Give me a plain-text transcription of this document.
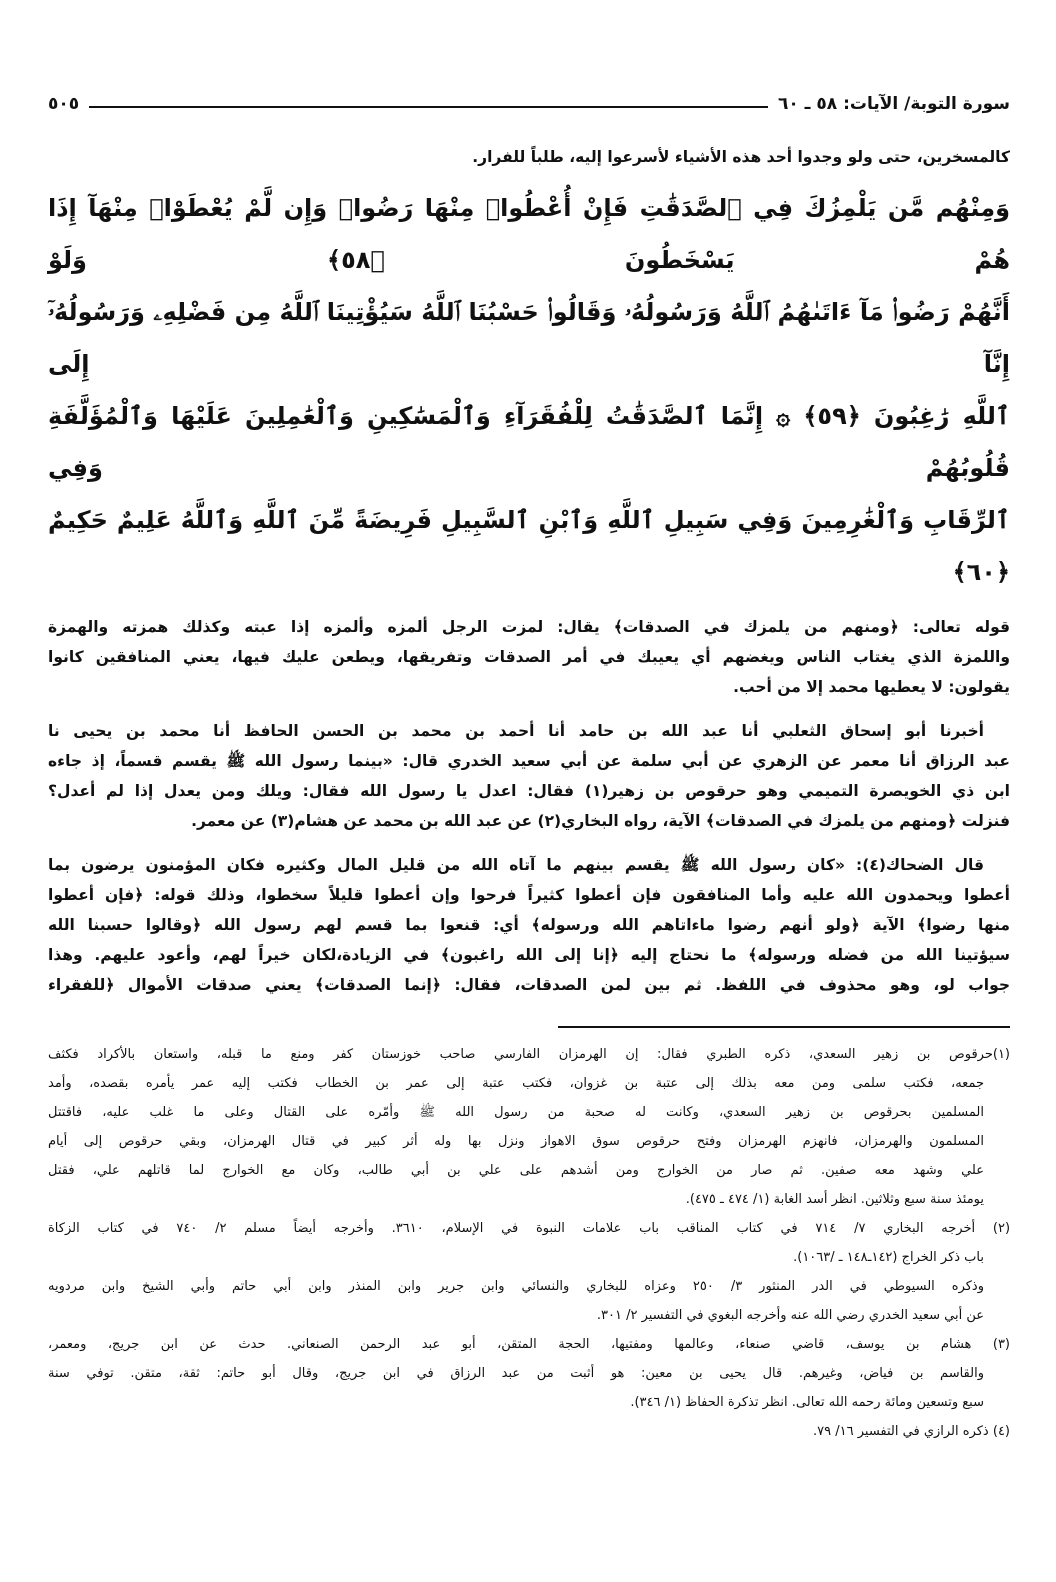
سورة التوبة/ الآيات: ٥٨ ـ ٦٠
٥٠٥
كالمسخرين، حتى ولو وجدوا أحد هذه الأشياء لأسرعوا إليه، طلباً للفرار.
وَمِنْهُم مَّن يَلْمِزُكَ فِي ٱلصَّدَقَٰتِ فَإِنْ أُعْطُوا۟ مِنْهَا رَضُوا۟ وَإِن لَّمْ يُعْطَوْا۟ مِنْهَآ إِذَا هُمْ يَسْخَطُونَ ﴿٥٨﴾ وَلَوْ
أَنَّهُمْ رَضُوا۟ مَآ ءَاتَىٰهُمُ ٱللَّهُ وَرَسُولُهُۥ وَقَالُوا۟ حَسْبُنَا ٱللَّهُ سَيُؤْتِينَا ٱللَّهُ مِن فَضْلِهِۦ وَرَسُولُهُۥٓ إِنَّآ إِلَى
ٱللَّهِ رَٰغِبُونَ ﴿٥٩﴾ ۞ إِنَّمَا ٱلصَّدَقَٰتُ لِلْفُقَرَآءِ وَٱلْمَسَٰكِينِ وَٱلْعَٰمِلِينَ عَلَيْهَا وَٱلْمُؤَلَّفَةِ قُلُوبُهُمْ وَفِي
ٱلرِّقَابِ وَٱلْغَٰرِمِينَ وَفِي سَبِيلِ ٱللَّهِ وَٱبْنِ ٱلسَّبِيلِ فَرِيضَةً مِّنَ ٱللَّهِ وَٱللَّهُ عَلِيمٌ حَكِيمٌ ﴿٦٠﴾
قوله تعالى: ﴿ومنهم من يلمزك في الصدقات﴾ يقال: لمزت الرجل ألمزه وألمزه إذا عبته وكذلك همزته والهمزة
واللمزة الذي يغتاب الناس ويغضهم أي يعيبك في أمر الصدقات وتفريقها، ويطعن عليك فيها، يعني المنافقين كانوا
يقولون: لا يعطيها محمد إلا من أحب.
أخبرنا أبو إسحاق الثعلبي أنا عبد الله بن حامد أنا أحمد بن محمد بن الحسن الحافظ أنا محمد بن يحيى نا
عبد الرزاق أنا معمر عن الزهري عن أبي سلمة عن أبي سعيد الخدري قال: «بينما رسول الله ﷺ يقسم قسماً، إذ جاءه
ابن ذي الخويصرة التميمي وهو حرقوص بن زهير(١) فقال: اعدل يا رسول الله فقال: ويلك ومن يعدل إذا لم أعدل؟
فنزلت ﴿ومنهم من يلمزك في الصدقات﴾ الآية، رواه البخاري(٢) عن عبد الله بن محمد عن هشام(٣) عن معمر.
قال الضحاك(٤): «كان رسول الله ﷺ يقسم بينهم ما آتاه الله من قليل المال وكثيره فكان المؤمنون يرضون بما
أعطوا ويحمدون الله عليه وأما المنافقون فإن أعطوا كثيراً فرحوا وإن أعطوا قليلاً سخطوا، وذلك قوله: ﴿فإن أعطوا
منها رضوا﴾ الآية ﴿ولو أنهم رضوا ماءاتاهم الله ورسوله﴾ أي: قنعوا بما قسم لهم رسول الله ﴿وقالوا حسبنا الله
سيؤتينا الله من فضله ورسوله﴾ ما نحتاج إليه ﴿إنا إلى الله راغبون﴾ في الزيادة،لكان خيراً لهم، وأعود عليهم. وهذا
جواب لو، وهو محذوف في اللفظ. ثم بين لمن الصدقات، فقال: ﴿إنما الصدقات﴾ يعني صدقات الأموال ﴿للفقراء
(١)حرقوص بن زهير السعدي، ذكره الطبري فقال: إن الهرمزان الفارسي صاحب خوزستان كفر ومنع ما قبله، واستعان بالأكراد فكثف
جمعه، فكتب سلمى ومن معه بذلك إلى عتبة بن غزوان، فكتب عتبة إلى عمر بن الخطاب فكتب إليه عمر يأمره بقصده، وأمد
المسلمين بحرقوص بن زهير السعدي، وكانت له صحبة من رسول الله ﷺ وأمّره على القتال وعلى ما غلب عليه، فاقتتل
المسلمون والهرمزان، فانهزم الهرمزان وفتح حرقوص سوق الاهواز ونزل بها وله أثر كبير في قتال الهرمزان، وبقي حرقوص إلى أيام
علي وشهد معه صفين. ثم صار من الخوارج ومن أشدهم على علي بن أبي طالب، وكان مع الخوارج لما قاتلهم علي، فقتل
يومئذ سنة سبع وثلاثين. انظر أسد الغابة (١/ ٤٧٤ ـ ٤٧٥).
(٢) أخرجه البخاري ٧/ ٧١٤ في كتاب المناقب باب علامات النبوة في الإسلام، ٣٦١٠. وأخرجه أيضاً مسلم ٢/ ٧٤٠ في كتاب الزكاة
باب ذكر الخراج (١٤٢ـ١٤٨ ـ /١٠٦٣).
وذكره السيوطي في الدر المنثور ٣/ ٢٥٠ وعزاه للبخاري والنسائي وابن جرير وابن المنذر وابن أبي حاتم وأبي الشيخ وابن مردويه
عن أبي سعيد الخدري رضي الله عنه وأخرجه البغوي في التفسير ٢/ ٣٠١.
(٣) هشام بن يوسف، قاضي صنعاء، وعالمها ومفتيها، الحجة المتقن، أبو عبد الرحمن الصنعاني. حدث عن ابن جريج، ومعمر،
والقاسم بن فياض، وغيرهم. قال يحيى بن معين: هو أثبت من عبد الرزاق في ابن جريج، وقال أبو حاتم: ثقة، متقن. توفي سنة
سبع وتسعين ومائة رحمه الله تعالى. انظر تذكرة الحفاظ (١/ ٣٤٦).
(٤) ذكره الرازي في التفسير ١٦/ ٧٩.
